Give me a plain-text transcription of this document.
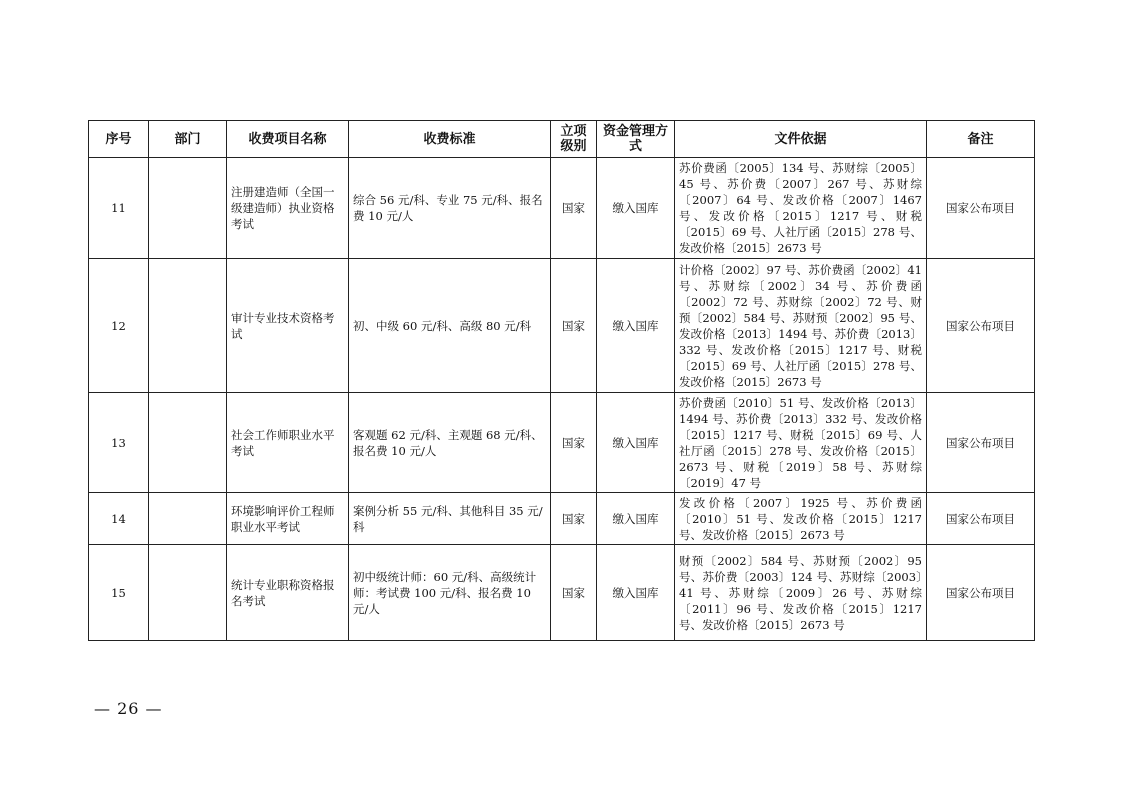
序号	部门	收费项目名称	收费标准	立项级别	资金管理方式	文件依据	备注
11		注册建造师（全国一级建造师）执业资格考试	综合 56 元/科、专业 75 元/科、报名费 10 元/人	国家	缴入国库	苏价费函〔2005〕134 号、苏财综〔2005〕45 号、苏价费〔2007〕267 号、苏财综〔2007〕64 号、发改价格〔2007〕1467 号、发改价格〔2015〕1217 号、财税〔2015〕69 号、人社厅函〔2015〕278 号、发改价格〔2015〕2673 号	国家公布项目
12		审计专业技术资格考试	初、中级 60 元/科、高级 80 元/科	国家	缴入国库	计价格〔2002〕97 号、苏价费函〔2002〕41 号、苏财综〔2002〕34 号、苏价费函〔2002〕72 号、苏财综〔2002〕72 号、财预〔2002〕584 号、苏财预〔2002〕95 号、发改价格〔2013〕1494 号、苏价费〔2013〕332 号、发改价格〔2015〕1217 号、财税〔2015〕69 号、人社厅函〔2015〕278 号、发改价格〔2015〕2673 号	国家公布项目
13		社会工作师职业水平考试	客观题 62 元/科、主观题 68 元/科、报名费 10 元/人	国家	缴入国库	苏价费函〔2010〕51 号、发改价格〔2013〕1494 号、苏价费〔2013〕332 号、发改价格〔2015〕1217 号、财税〔2015〕69 号、人社厅函〔2015〕278 号、发改价格〔2015〕2673 号、财税〔2019〕58 号、苏财综〔2019〕47 号	国家公布项目
14		环境影响评价工程师职业水平考试	案例分析 55 元/科、其他科目 35 元/科	国家	缴入国库	发改价格〔2007〕1925 号、苏价费函〔2010〕51 号、发改价格〔2015〕1217 号、发改价格〔2015〕2673 号	国家公布项目
15		统计专业职称资格报名考试	初中级统计师：60 元/科、高级统计师：考试费 100 元/科、报名费 10 元/人	国家	缴入国库	财预〔2002〕584 号、苏财预〔2002〕95 号、苏价费〔2003〕124 号、苏财综〔2003〕41 号、苏财综〔2009〕26 号、苏财综〔2011〕96 号、发改价格〔2015〕1217 号、发改价格〔2015〕2673 号	国家公布项目
— 26 —
